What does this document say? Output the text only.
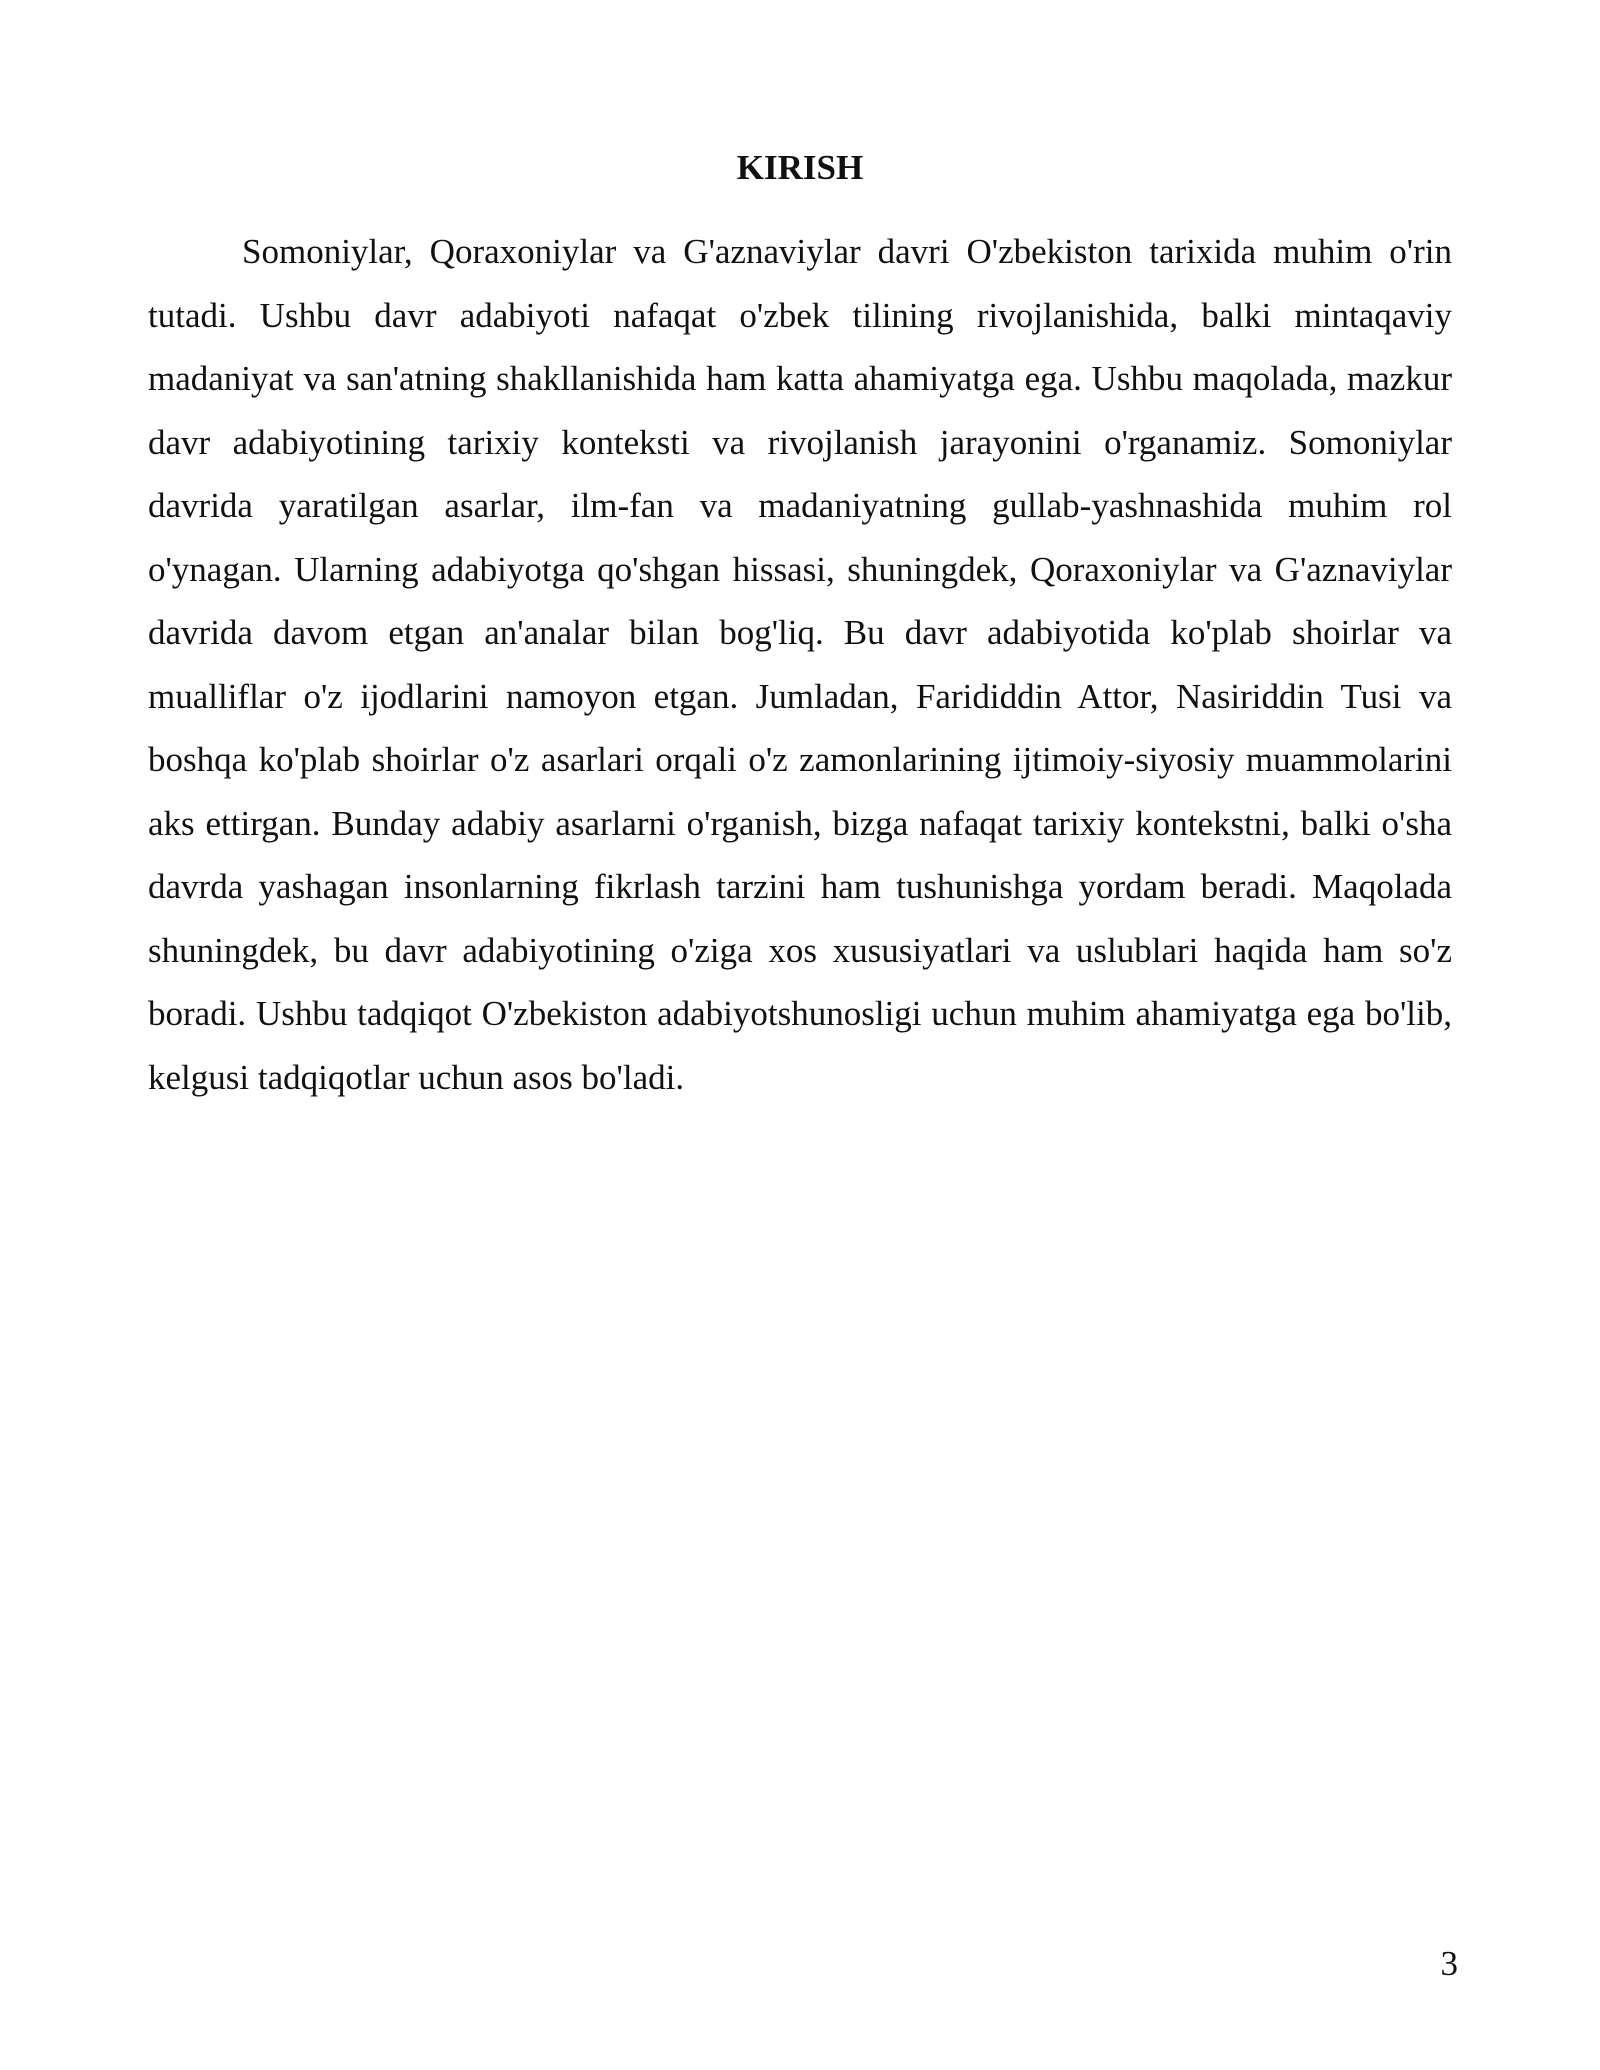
KIRISH

Somoniylar, Qoraxoniylar va G'aznaviylar davri O'zbekiston tarixida muhim o'rin tutadi. Ushbu davr adabiyoti nafaqat o'zbek tilining rivojlanishida, balki mintaqaviy madaniyat va san'atning shakllanishida ham katta ahamiyatga ega. Ushbu maqolada, mazkur davr adabiyotining tarixiy konteksti va rivojlanish jarayonini o'rganamiz. Somoniylar davrida yaratilgan asarlar, ilm-fan va madaniyatning gullab-yashnashida muhim rol o'ynagan. Ularning adabiyotga qo'shgan hissasi, shuningdek, Qoraxoniylar va G'aznaviylar davrida davom etgan an'analar bilan bog'liq. Bu davr adabiyotida ko'plab shoirlar va mualliflar o'z ijodlarini namoyon etgan. Jumladan, Farididdin Attor, Nasiriddin Tusi va boshqa ko'plab shoirlar o'z asarlari orqali o'z zamonlarining ijtimoiy-siyosiy muammolarini aks ettirgan. Bunday adabiy asarlarni o'rganish, bizga nafaqat tarixiy kontekstni, balki o'sha davrda yashagan insonlarning fikrlash tarzini ham tushunishga yordam beradi. Maqolada shuningdek, bu davr adabiyotining o'ziga xos xususiyatlari va uslublari haqida ham so'z boradi. Ushbu tadqiqot O'zbekiston adabiyotshunosligi uchun muhim ahamiyatga ega bo'lib, kelgusi tadqiqotlar uchun asos bo'ladi.

3
